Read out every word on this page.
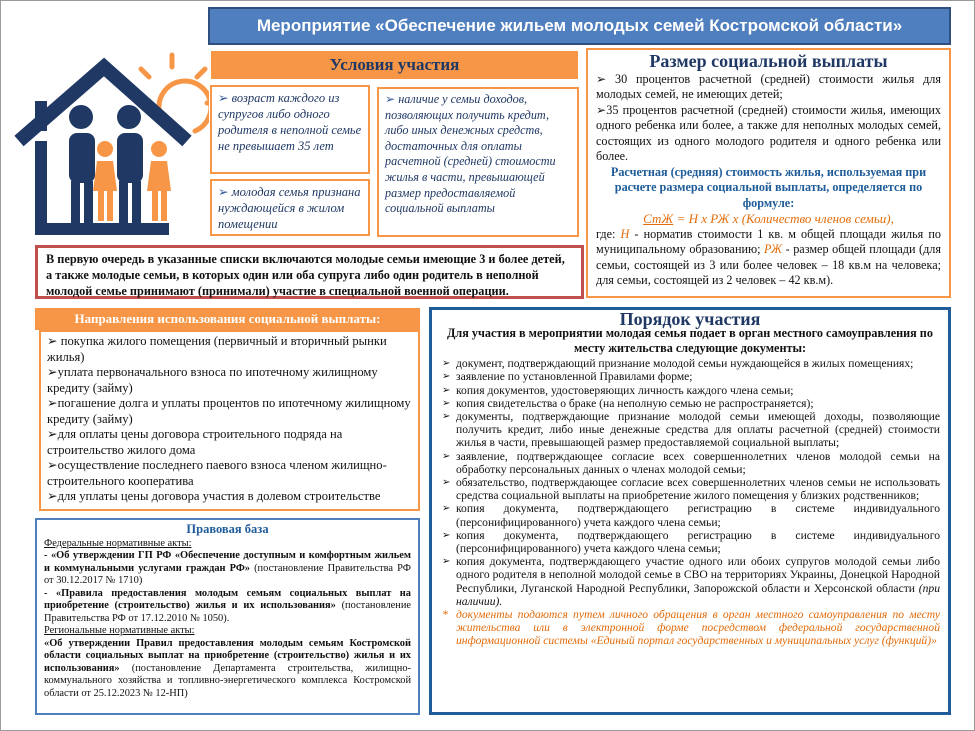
Мероприятие «Обеспечение жильем молодых семей Костромской области»
Условия участия
➢ возраст каждого из супругов либо одного родителя в неполной семье не превышает 35 лет
➢ молодая семья признана нуждающейся в жилом помещении
➢ наличие у семьи доходов, позволяющих получить кредит, либо иных денежных средств, достаточных для оплаты расчетной (средней) стоимости жилья в части, превышающей размер предоставляемой социальной выплаты
Размер социальной выплаты

➢ 30 процентов расчетной (средней) стоимости жилья для молодых семей, не имеющих детей;

➢35 процентов расчетной (средней) стоимости жилья, имеющих одного ребенка или более, а также для неполных молодых семей, состоящих из одного молодого родителя и одного ребенка или более.

Расчетная (средняя) стоимость жилья, используемая при расчете размера социальной выплаты, определяется по формуле:

СтЖ = Н х РЖ х (Количество членов семьи),

где: Н - норматив стоимости 1 кв. м общей площади жилья по муниципальному образованию; РЖ - размер общей площади (для семьи, состоящей из 3 или более человек – 18 кв.м на человека; для семьи, состоящей из 2 человек – 42 кв.м).

В первую очередь в указанные списки включаются молодые семьи имеющие 3 и более детей, а также молодые семьи, в которых один или оба супруга либо один родитель в неполной молодой семье принимают (принимали) участие в специальной военной операции.
Направления использования социальной выплаты:
➢ покупка жилого помещения (первичный и вторичный рынки жилья)
➢уплата первоначального взноса по ипотечному жилищному кредиту (займу)
➢погашение долга и уплаты процентов по ипотечному жилищному кредиту (займу)
➢для оплаты цены договора строительного подряда на строительство жилого дома
➢осуществление последнего паевого взноса членом жилищно-строительного кооператива
➢для уплаты цены договора участия в долевом строительстве
Правовая база
Федеральные нормативные акты:

- «Об утверждении ГП РФ «Обеспечение доступным и комфортным жильем и коммунальными услугами граждан РФ» (постановление Правительства РФ от 30.12.2017 № 1710)

- «Правила предоставления молодым семьям социальных выплат на приобретение (строительство) жилья и их использования» (постановление Правительства РФ от 17.12.2010 № 1050).

Региональные нормативные акты:

«Об утверждении Правил предоставления молодым семьям Костромской области социальных выплат на приобретение (строительство) жилья и их использования» (постановление Департамента строительства, жилищно-коммунального хозяйства и топливно-энергетического комплекса Костромской области от 25.12.2023 № 12-НП)

Порядок участия
Для участия в мероприятии молодая семья подает в орган местного самоуправления по месту жительства следующие документы:
➢ документ, подтверждающий признание молодой семьи нуждающейся в жилых помещениях;
➢ заявление по установленной Правилами форме;
➢ копия документов, удостоверяющих личность каждого члена семьи;
➢ копия свидетельства о браке (на неполную семью не распространяется);
➢ документы, подтверждающие признание молодой семьи имеющей доходы, позволяющие получить кредит, либо иные денежные средства для оплаты расчетной (средней) стоимости жилья в части, превышающей размер предоставляемой социальной выплаты;
➢ заявление, подтверждающее согласие всех совершеннолетних членов молодой семьи на обработку персональных данных о членах молодой семьи;
➢ обязательство, подтверждающее согласие всех совершеннолетних членов семьи не использовать средства социальной выплаты на приобретение жилого помещения у близких родственников;
➢ копия документа, подтверждающего регистрацию в системе индивидуального (персонифицированного) учета каждого члена семьи;
➢ копия документа, подтверждающего регистрацию в системе индивидуального (персонифицированного) учета каждого члена семьи;
➢ копия документа, подтверждающего участие одного или обоих супругов молодой семьи либо одного родителя в неполной молодой семье в СВО на территориях Украины, Донецкой Народной Республики, Луганской Народной Республики, Запорожской области и Херсонской области (при наличии).
* документы подаются путем личного обращения в орган местного самоуправления по месту жительства или в электронной форме посредством федеральной государственной информационной системы «Единый портал государственных и муниципальных услуг (функций)»
